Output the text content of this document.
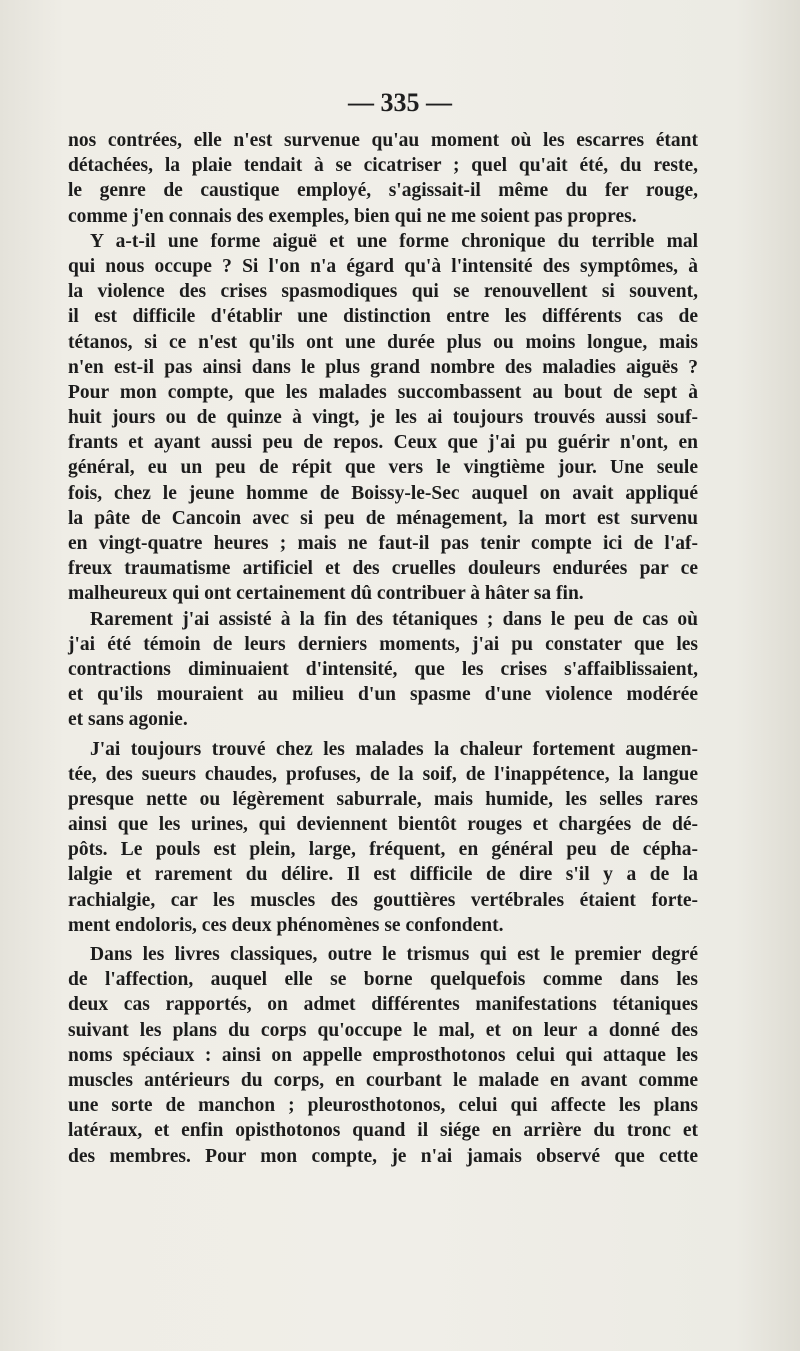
— 335 —
nos contrées, elle n'est survenue qu'au moment où les escarres étant
détachées, la plaie tendait à se cicatriser ; quel qu'ait été, du reste,
le genre de caustique employé, s'agissait-il même du fer rouge,
comme j'en connais des exemples, bien qui ne me soient pas propres.
Y a-t-il une forme aiguë et une forme chronique du terrible mal
qui nous occupe ? Si l'on n'a égard qu'à l'intensité des symptômes, à
la violence des crises spasmodiques qui se renouvellent si souvent,
il est difficile d'établir une distinction entre les différents cas de
tétanos, si ce n'est qu'ils ont une durée plus ou moins longue, mais
n'en est-il pas ainsi dans le plus grand nombre des maladies aiguës ?
Pour mon compte, que les malades succombassent au bout de sept à
huit jours ou de quinze à vingt, je les ai toujours trouvés aussi souf-
frants et ayant aussi peu de repos. Ceux que j'ai pu guérir n'ont, en
général, eu un peu de répit que vers le vingtième jour. Une seule
fois, chez le jeune homme de Boissy-le-Sec auquel on avait appliqué
la pâte de Cancoin avec si peu de ménagement, la mort est survenu
en vingt-quatre heures ; mais ne faut-il pas tenir compte ici de l'af-
freux traumatisme artificiel et des cruelles douleurs endurées par ce
malheureux qui ont certainement dû contribuer à hâter sa fin.
Rarement j'ai assisté à la fin des tétaniques ; dans le peu de cas où
j'ai été témoin de leurs derniers moments, j'ai pu constater que les
contractions diminuaient d'intensité, que les crises s'affaiblissaient,
et qu'ils mouraient au milieu d'un spasme d'une violence modérée
et sans agonie.
J'ai toujours trouvé chez les malades la chaleur fortement augmen-
tée, des sueurs chaudes, profuses, de la soif, de l'inappétence, la langue
presque nette ou légèrement saburrale, mais humide, les selles rares
ainsi que les urines, qui deviennent bientôt rouges et chargées de dé-
pôts. Le pouls est plein, large, fréquent, en général peu de cépha-
lalgie et rarement du délire. Il est difficile de dire s'il y a de la
rachialgie, car les muscles des gouttières vertébrales étaient forte-
ment endoloris, ces deux phénomènes se confondent.
Dans les livres classiques, outre le trismus qui est le premier degré
de l'affection, auquel elle se borne quelquefois comme dans les
deux cas rapportés, on admet différentes manifestations tétaniques
suivant les plans du corps qu'occupe le mal, et on leur a donné des
noms spéciaux : ainsi on appelle emprosthotonos celui qui attaque les
muscles antérieurs du corps, en courbant le malade en avant comme
une sorte de manchon ; pleurosthotonos, celui qui affecte les plans
latéraux, et enfin opisthotonos quand il siége en arrière du tronc et
des membres. Pour mon compte, je n'ai jamais observé que cette
